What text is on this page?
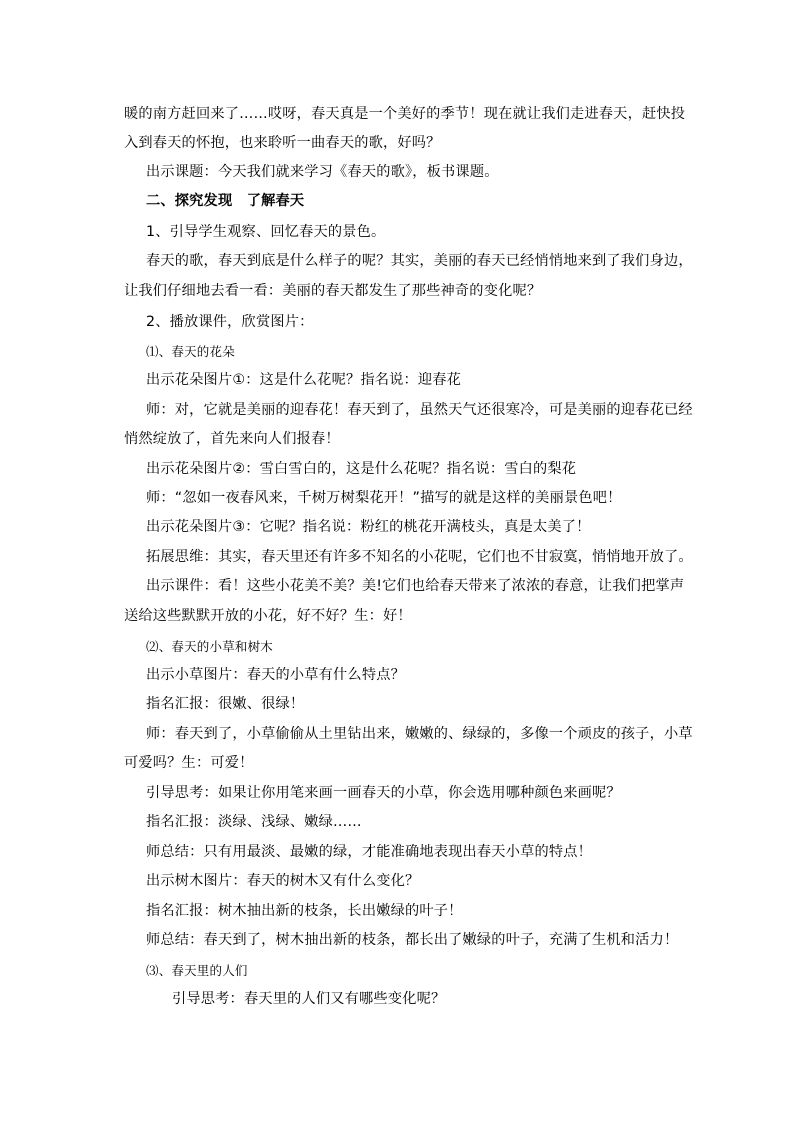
暖的南方赶回来了……哎呀，春天真是一个美好的季节！现在就让我们走进春天，赶快投
入到春天的怀抱，也来聆听一曲春天的歌，好吗？
出示课题：今天我们就来学习《春天的歌》，板书课题。
二、探究发现　了解春天
1、引导学生观察、回忆春天的景色。
春天的歌，春天到底是什么样子的呢？其实，美丽的春天已经悄悄地来到了我们身边，
让我们仔细地去看一看：美丽的春天都发生了那些神奇的变化呢？
2、播放课件，欣赏图片：
⑴、春天的花朵
出示花朵图片①：这是什么花呢？指名说：迎春花
师：对，它就是美丽的迎春花！春天到了，虽然天气还很寒冷，可是美丽的迎春花已经
悄然绽放了，首先来向人们报春！
出示花朵图片②：雪白雪白的，这是什么花呢？指名说：雪白的梨花
师：“忽如一夜春风来，千树万树梨花开！”描写的就是这样的美丽景色吧！
出示花朵图片③：它呢？指名说：粉红的桃花开满枝头，真是太美了！
拓展思维：其实，春天里还有许多不知名的小花呢，它们也不甘寂寞，悄悄地开放了。
出示课件：看！这些小花美不美？美!它们也给春天带来了浓浓的春意，让我们把掌声
送给这些默默开放的小花，好不好？生：好！
⑵、春天的小草和树木
出示小草图片：春天的小草有什么特点？
指名汇报：很嫩、很绿！
师：春天到了，小草偷偷从土里钻出来，嫩嫩的、绿绿的，多像一个顽皮的孩子，小草
可爱吗？生：可爱！
引导思考：如果让你用笔来画一画春天的小草，你会选用哪种颜色来画呢？
指名汇报：淡绿、浅绿、嫩绿……
师总结：只有用最淡、最嫩的绿，才能准确地表现出春天小草的特点！
出示树木图片：春天的树木又有什么变化？
指名汇报：树木抽出新的枝条，长出嫩绿的叶子！
师总结：春天到了，树木抽出新的枝条，都长出了嫩绿的叶子，充满了生机和活力！
⑶、春天里的人们
引导思考：春天里的人们又有哪些变化呢？
